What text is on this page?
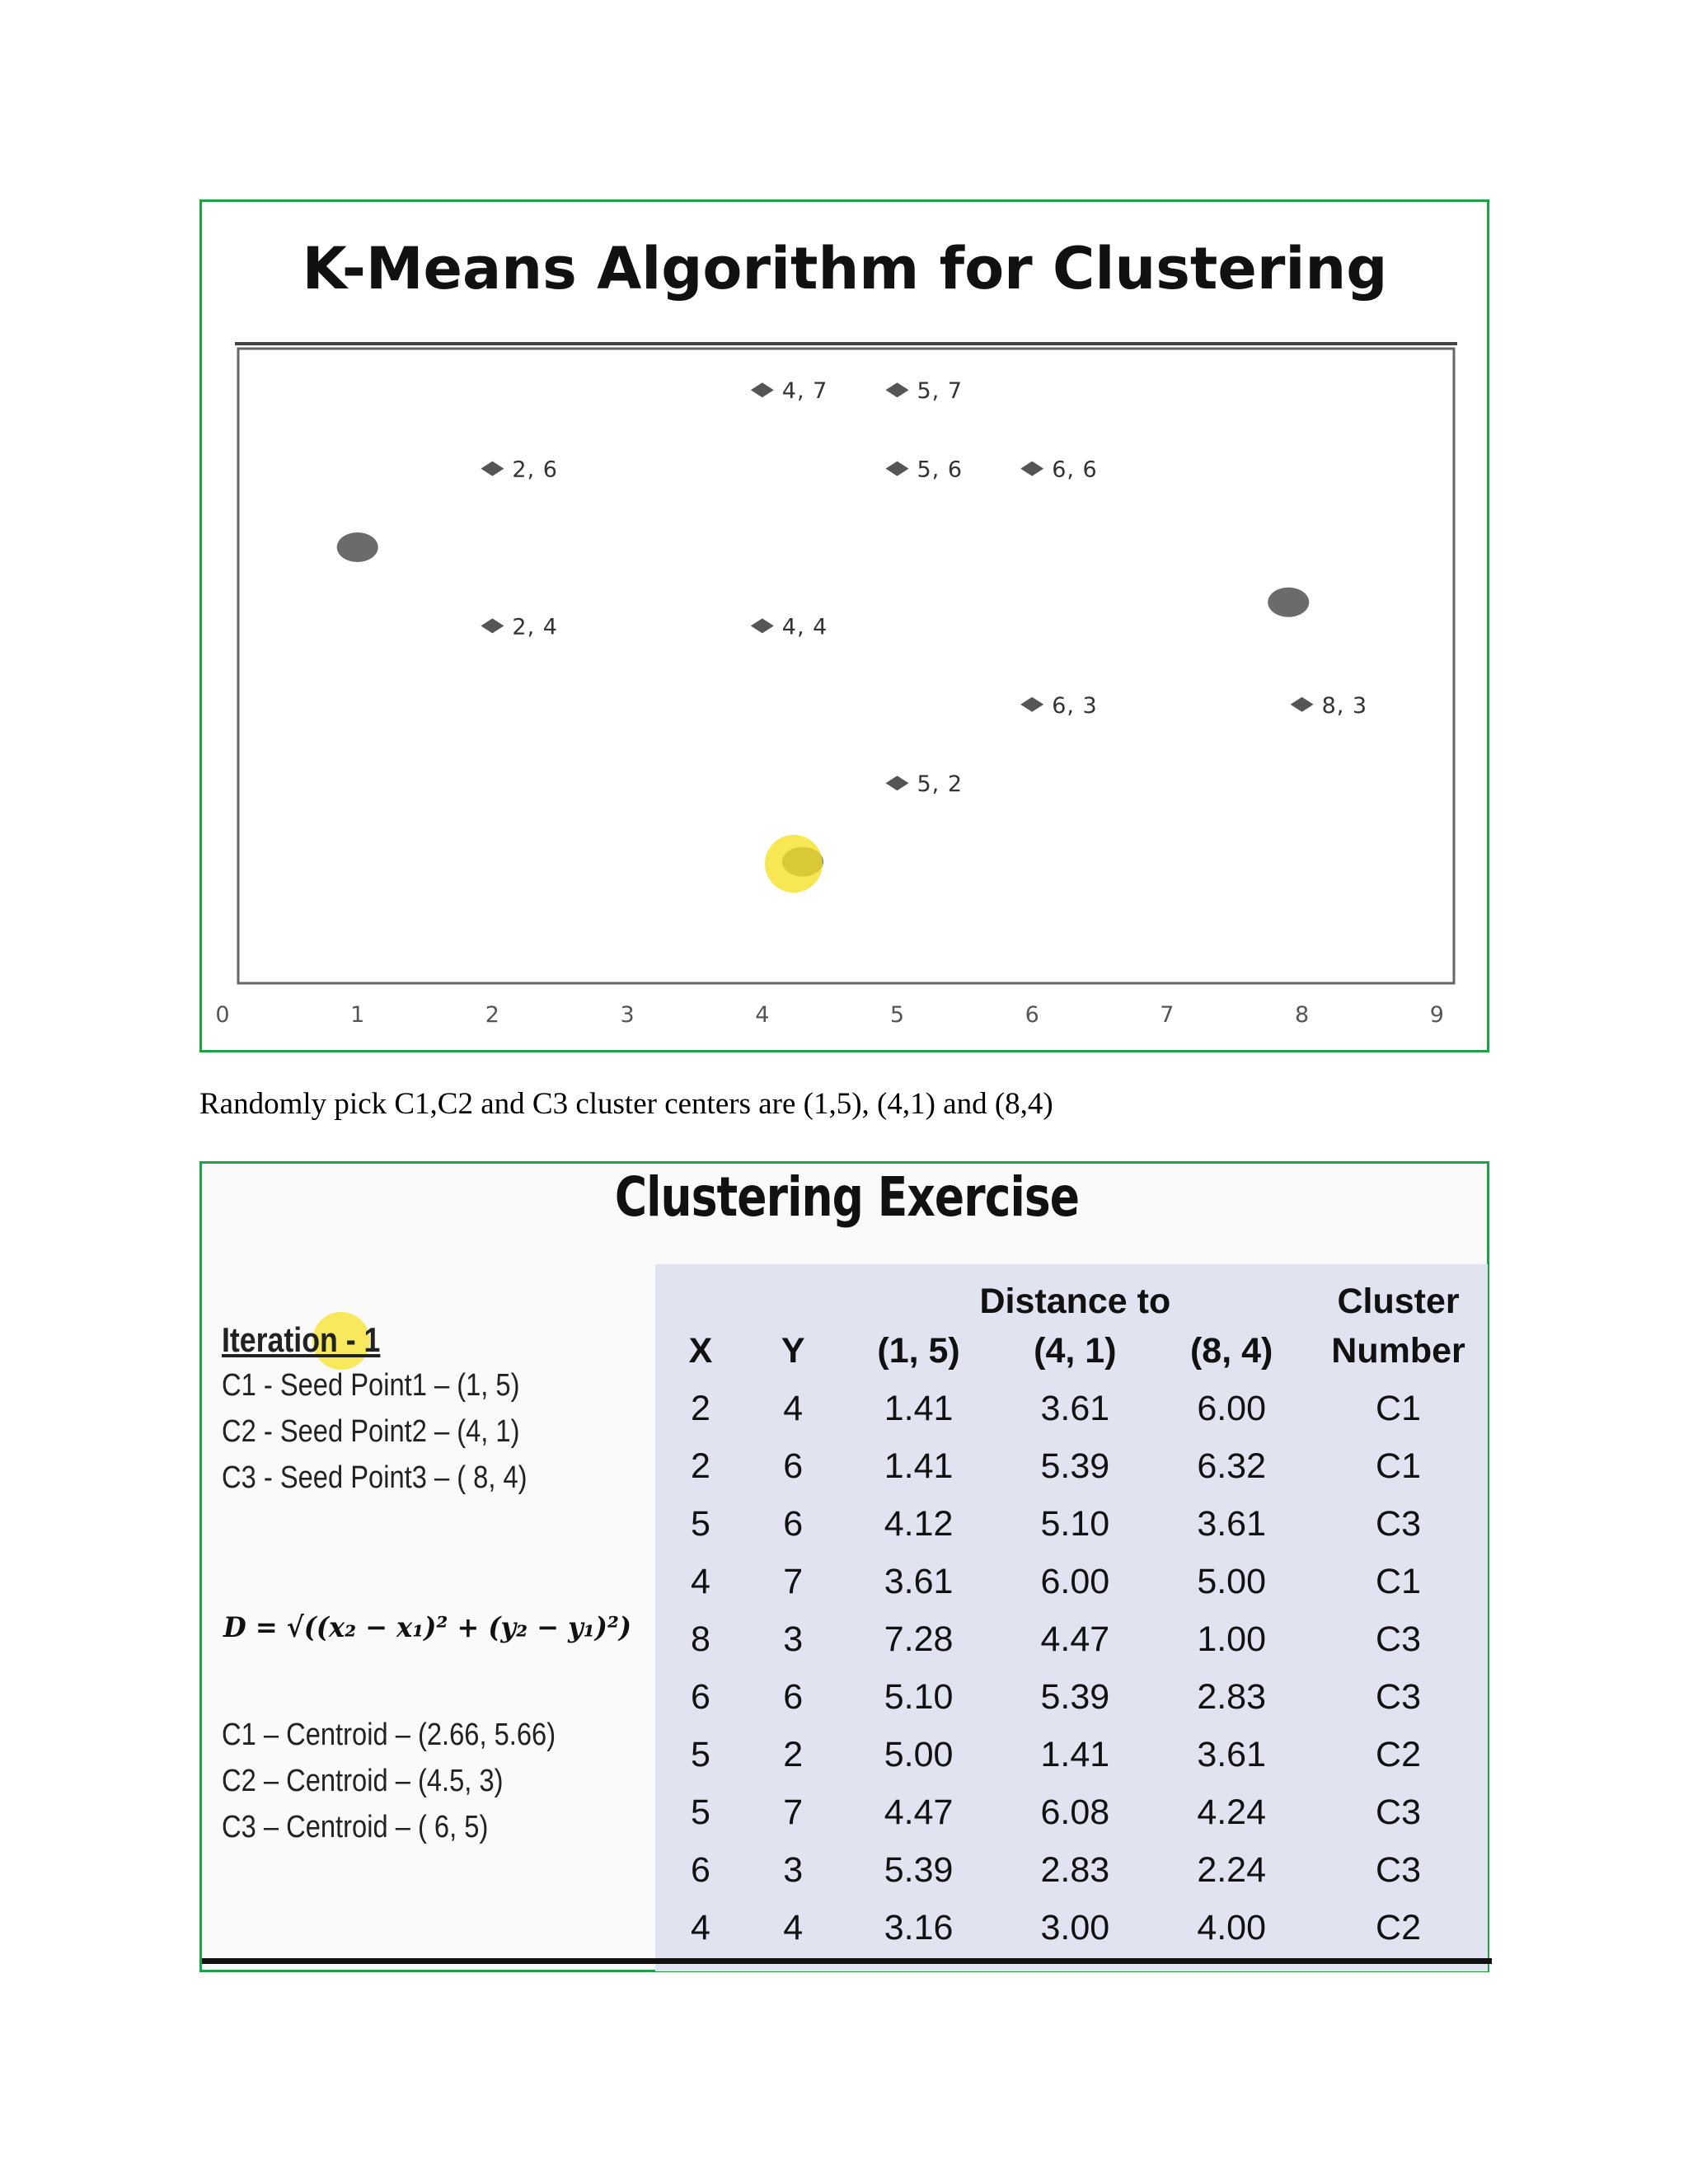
K-Means Algorithm for Clustering
0	1	2	3	4	5	6	7	8	9
2, 6
2, 4
4, 7
4, 4
5, 7
5, 6
5, 2
6, 6
6, 3	8, 3
Randomly pick C1,C2 and C3 cluster centers are (1,5), (4,1) and (8,4)
Clustering Exercise
Iteration - 1
C1 - Seed Point1 – (1, 5)
C2 - Seed Point2 – (4, 1)
C3 - Seed Point3 – ( 8, 4)
D = √((x₂ − x₁)² + (y₂ − y₁)²)
C1 – Centroid – (2.66, 5.66)
C2 – Centroid – (4.5, 3)
C3 – Centroid – ( 6, 5)
		Distance to			Cluster
X	Y	(1, 5)	(4, 1)	(8, 4)	Number
2	4	1.41	3.61	6.00	C1
2	6	1.41	5.39	6.32	C1
5	6	4.12	5.10	3.61	C3
4	7	3.61	6.00	5.00	C1
8	3	7.28	4.47	1.00	C3
6	6	5.10	5.39	2.83	C3
5	2	5.00	1.41	3.61	C2
5	7	4.47	6.08	4.24	C3
6	3	5.39	2.83	2.24	C3
4	4	3.16	3.00	4.00	C2
